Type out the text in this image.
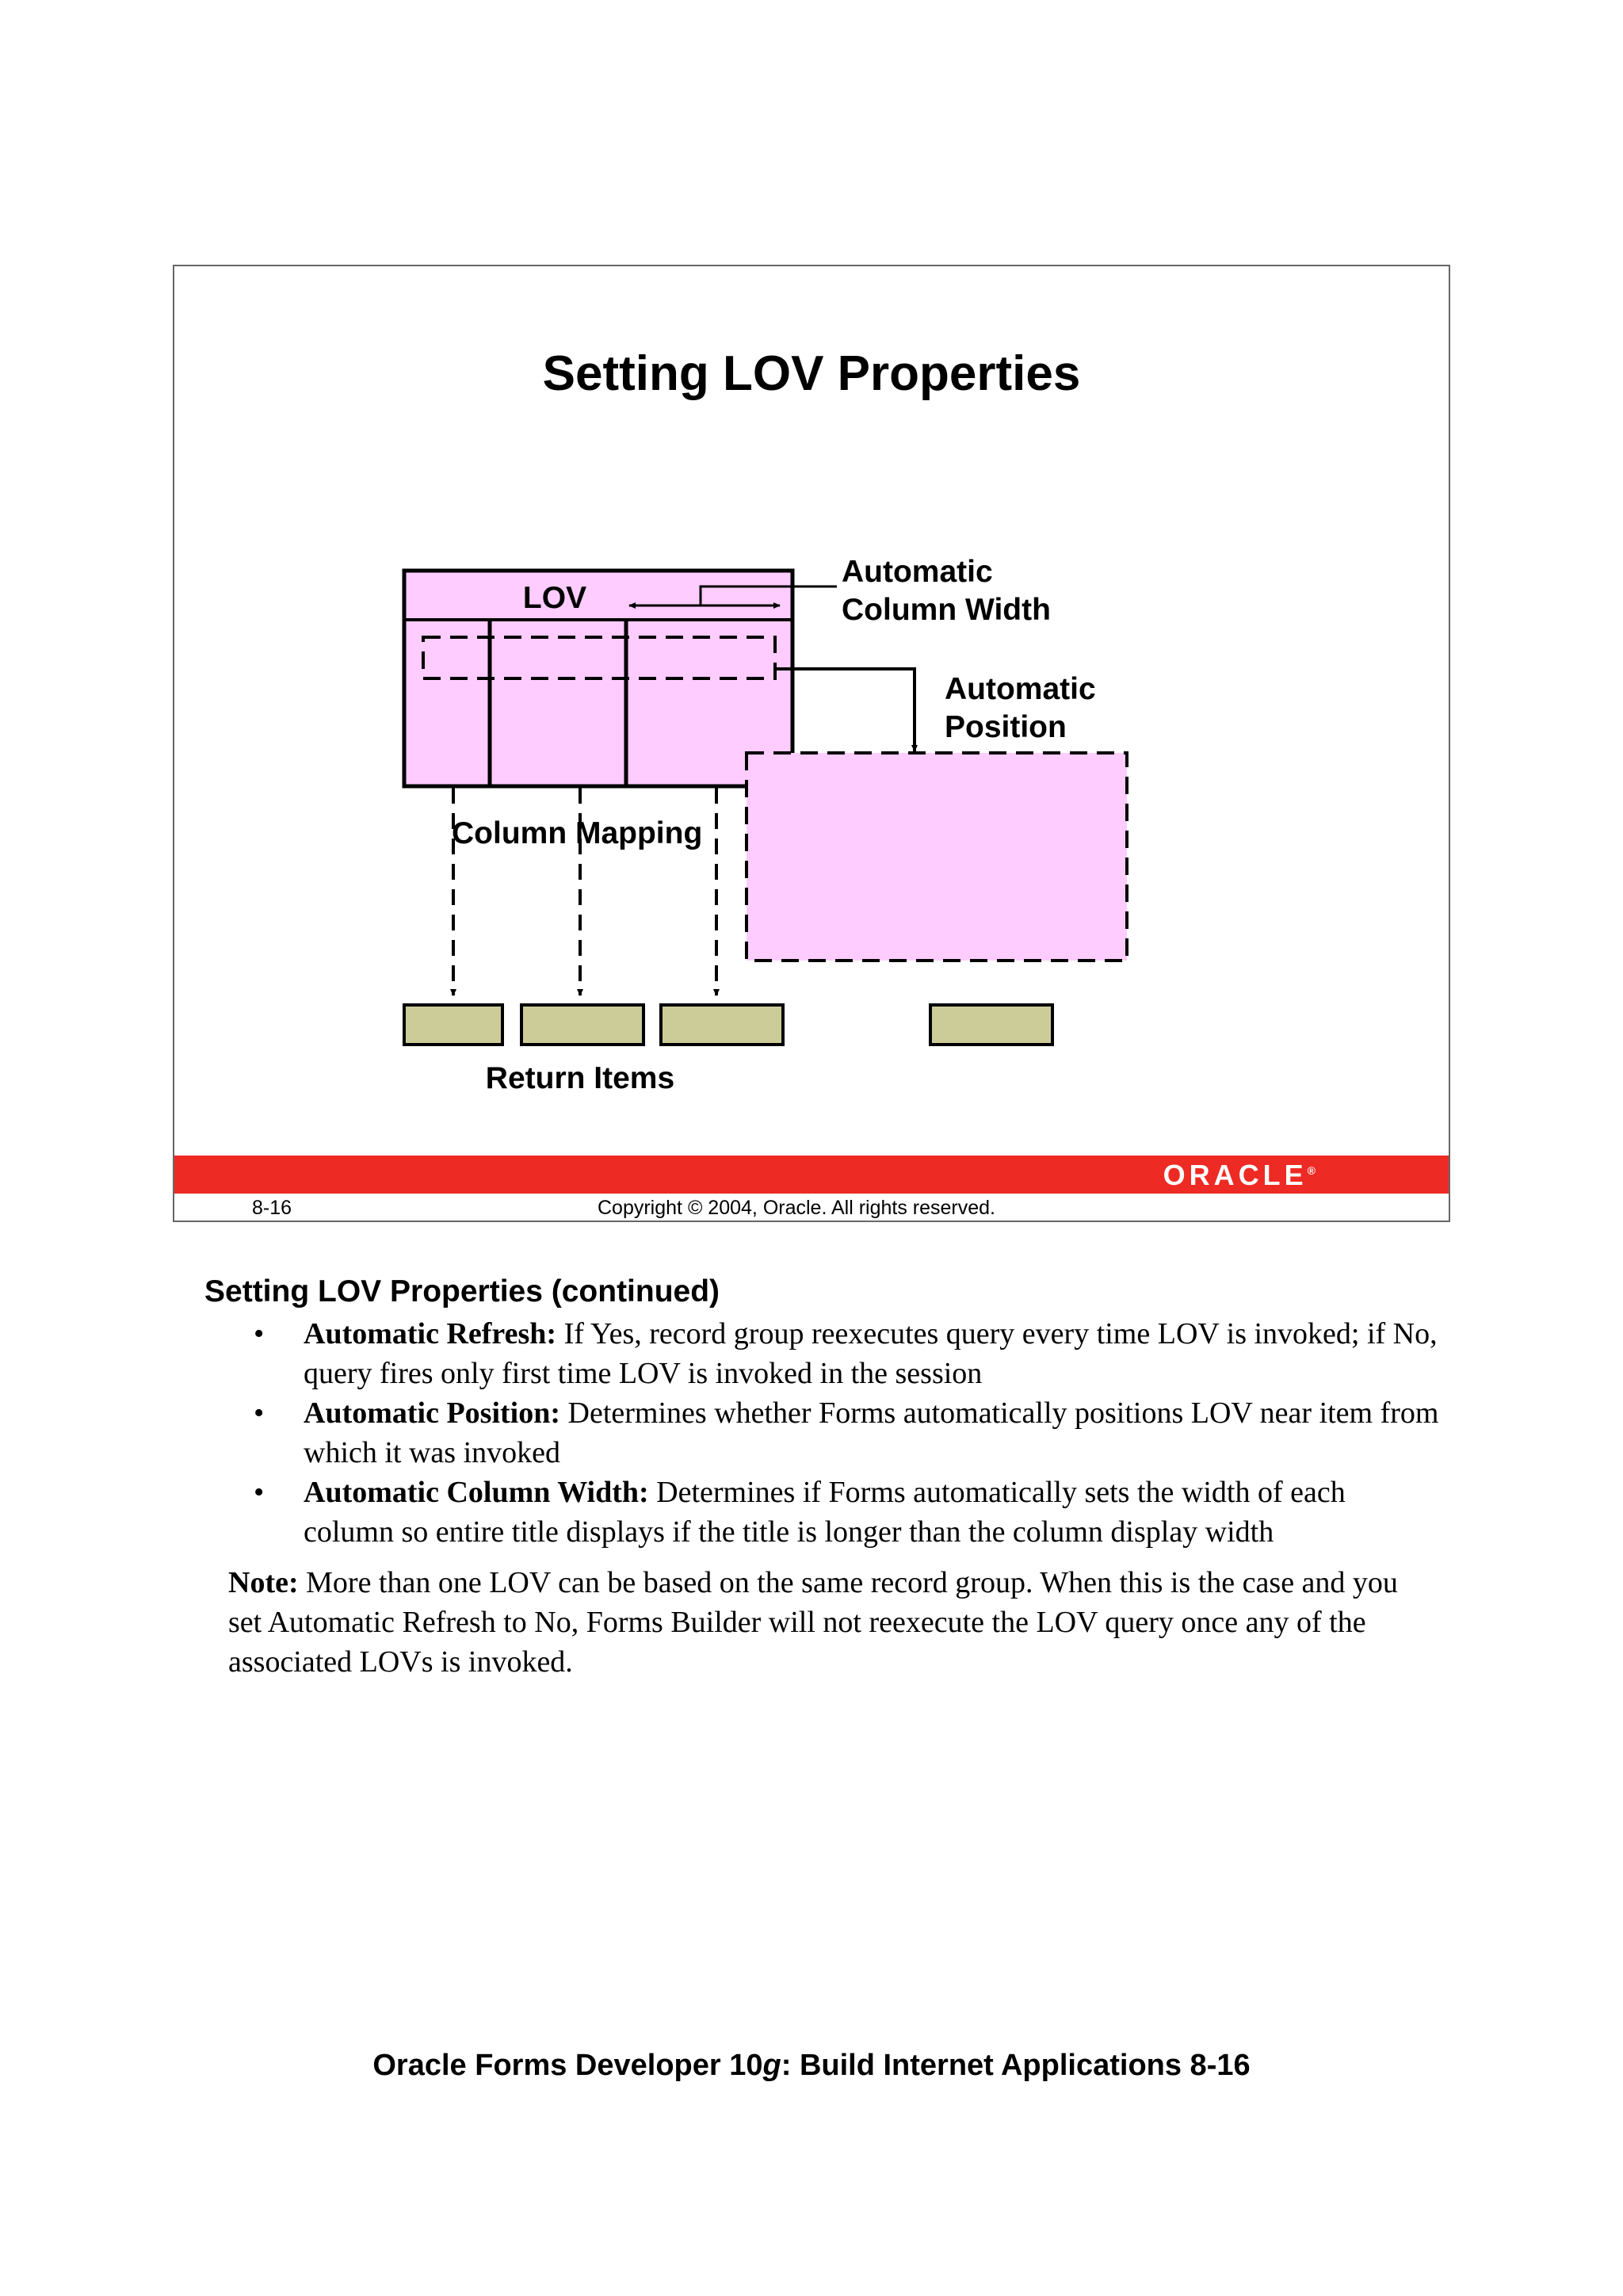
Setting LOV Properties
LOV
Automatic
Column Width
Automatic
Position
Column Mapping
Return Items
ORACLE®
8-16	Copyright © 2004, Oracle. All rights reserved.
Setting LOV Properties (continued)
• Automatic Refresh: If Yes, record group reexecutes query every time LOV is invoked; if No, query fires only first time LOV is invoked in the session
• Automatic Position: Determines whether Forms automatically positions LOV near item from which it was invoked
• Automatic Column Width: Determines if Forms automatically sets the width of each column so entire title displays if the title is longer than the column display width

Note: More than one LOV can be based on the same record group. When this is the case and you set Automatic Refresh to No, Forms Builder will not reexecute the LOV query once any of the associated LOVs is invoked.

Oracle Forms Developer 10g: Build Internet Applications 8-16
